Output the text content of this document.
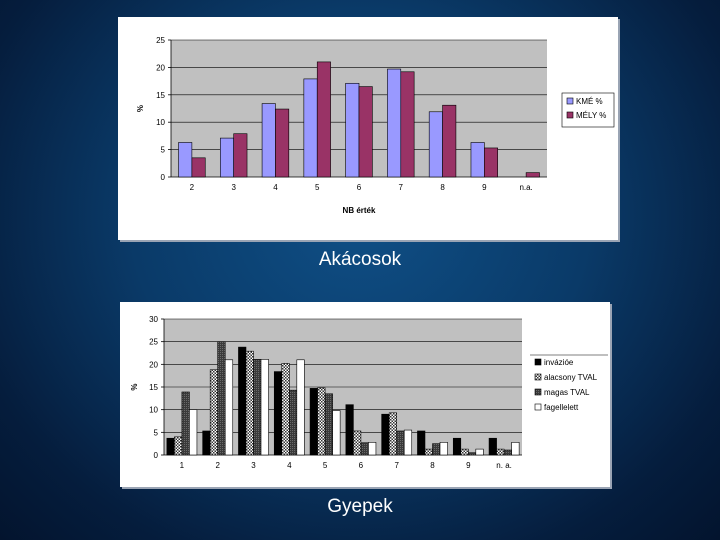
0
5
10
15
20
25
2	3	4	5	6	7	8	9	n.a.
NB érték
%
KMÉ %
MÉLY %
Akácosok
0
5
10
15
20
25
30
1	2	3	4	5	6	7	8	9	n. a.
%
invázióe
alacsony TVAL
magas TVAL
fagellelett
Gyepek
